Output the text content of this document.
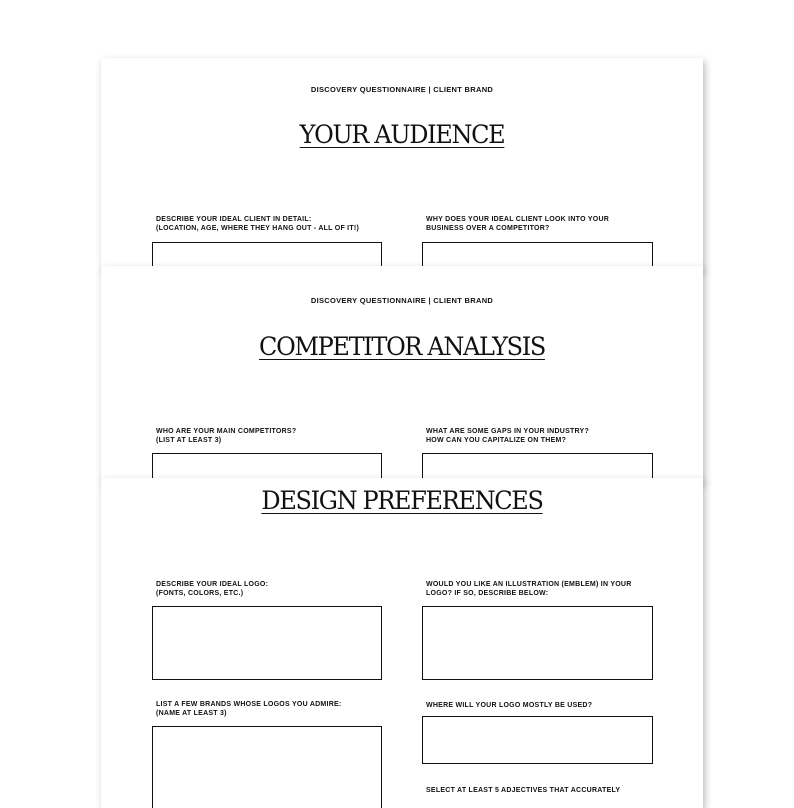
DISCOVERY QUESTIONNAIRE | CLIENT BRAND
YOUR AUDIENCE
DESCRIBE YOUR IDEAL CLIENT IN DETAIL:
(LOCATION, AGE, WHERE THEY HANG OUT - ALL OF IT!)
WHY DOES YOUR IDEAL CLIENT LOOK INTO YOUR
BUSINESS OVER A COMPETITOR?
DISCOVERY QUESTIONNAIRE | CLIENT BRAND
COMPETITOR ANALYSIS
WHO ARE YOUR MAIN COMPETITORS?
(LIST AT LEAST 3)
WHAT ARE SOME GAPS IN YOUR INDUSTRY?
HOW CAN YOU CAPITALIZE ON THEM?
DESIGN PREFERENCES
DESCRIBE YOUR IDEAL LOGO:
(FONTS, COLORS, ETC.)
WOULD YOU LIKE AN ILLUSTRATION (EMBLEM) IN YOUR
LOGO? IF SO, DESCRIBE BELOW:
LIST A FEW BRANDS WHOSE LOGOS YOU ADMIRE:
(NAME AT LEAST 3)
WHERE WILL YOUR LOGO MOSTLY BE USED?
SELECT AT LEAST 5 ADJECTIVES THAT ACCURATELY
